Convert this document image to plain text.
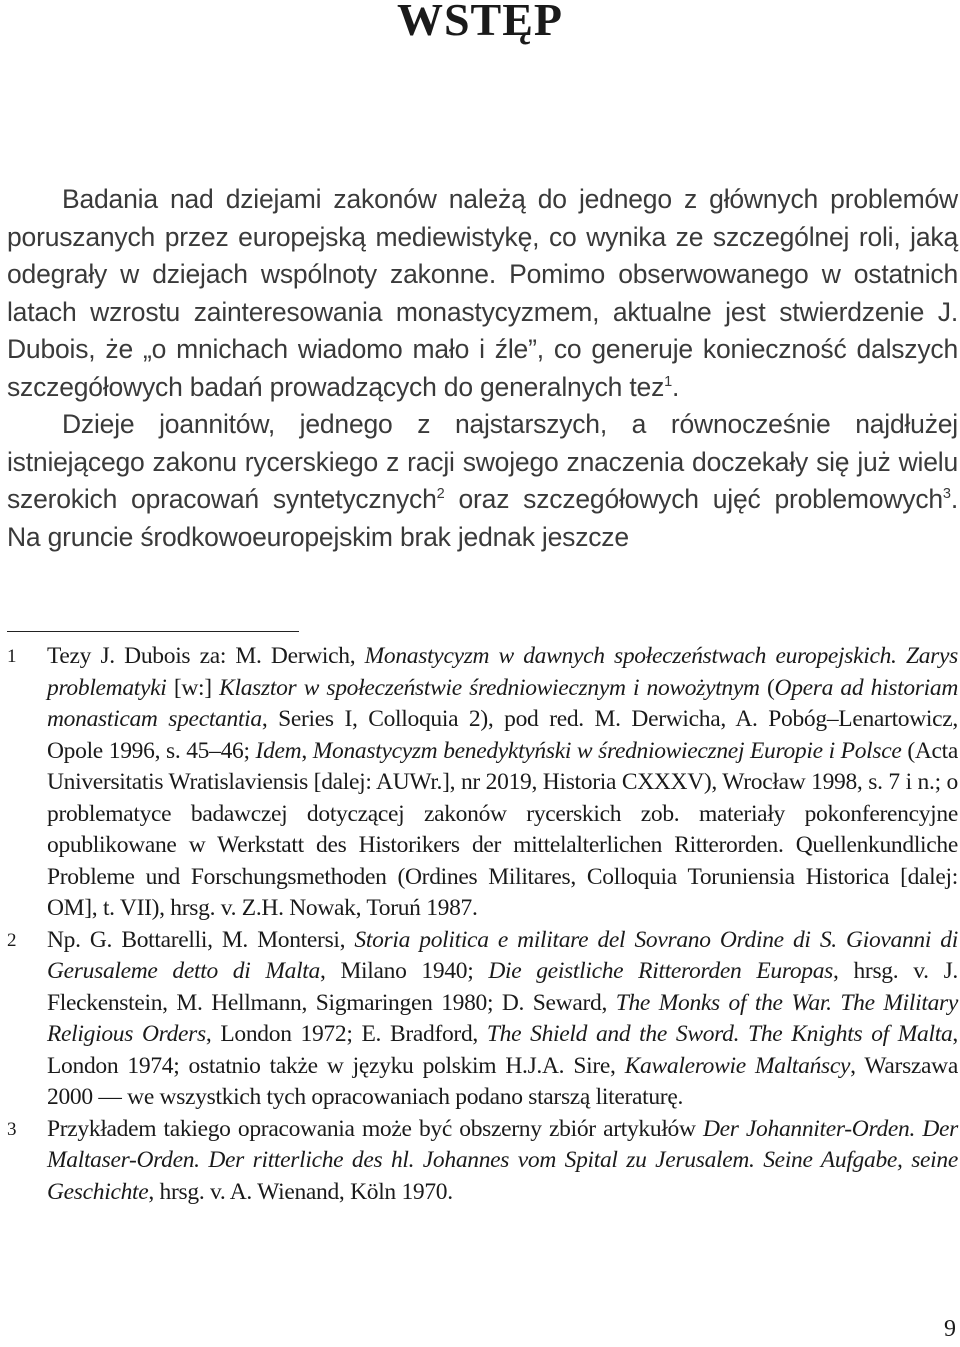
WSTĘP

Badania nad dziejami zakonów należą do jednego z głównych problemów poruszanych przez europejską mediewistykę, co wynika ze szczególnej roli, jaką odegrały w dziejach wspólnoty zakonne. Pomimo obserwowanego w ostatnich latach wzrostu zainteresowania monastycyzmem, aktualne jest stwierdzenie J. Dubois, że „o mnichach wiadomo mało i źle”, co generuje konieczność dalszych szczegółowych badań prowadzących do generalnych tez$^1$.

Dzieje joannitów, jednego z najstarszych, a równocześnie najdłużej istniejącego zakonu rycerskiego z racji swojego znaczenia doczekały się już wielu szerokich opracowań syntetycznych$^2$ oraz szczegółowych ujęć problemowych$^3$. Na gruncie środkowoeuropejskim brak jednak jeszcze

1 Tezy J. Dubois za: M. Derwich, Monastycyzm w dawnych społeczeństwach europejskich. Zarys problematyki [w:] Klasztor w społeczeństwie średniowiecznym i nowożytnym (Opera ad historiam monasticam spectantia, Series I, Colloquia 2), pod red. M. Derwicha, A. Pobóg–Lenartowicz, Opole 1996, s. 45–46; Idem, Monastycyzm benedyktyński w średniowiecznej Europie i Polsce (Acta Universitatis Wratislaviensis [dalej: AUWr.], nr 2019, Historia CXXXV), Wrocław 1998, s. 7 i n.; o problematyce badawczej dotyczącej zakonów rycerskich zob. materiały pokonferencyjne opublikowane w Werkstatt des Historikers der mittelalterlichen Ritterorden. Quellenkundliche Probleme und Forschungsmethoden (Ordines Militares, Colloquia Toruniensia Historica [dalej: OM], t. VII), hrsg. v. Z.H. Nowak, Toruń 1987.
2 Np. G. Bottarelli, M. Montersi, Storia politica e militare del Sovrano Ordine di S. Giovanni di Gerusaleme detto di Malta, Milano 1940; Die geistliche Ritterorden Europas, hrsg. v. J. Fleckenstein, M. Hellmann, Sigmaringen 1980; D. Seward, The Monks of the War. The Military Religious Orders, London 1972; E. Bradford, The Shield and the Sword. The Knights of Malta, London 1974; ostatnio także w języku polskim H.J.A. Sire, Kawalerowie Maltańscy, Warszawa 2000 — we wszystkich tych opracowaniach podano starszą literaturę.
3 Przykładem takiego opracowania może być obszerny zbiór artykułów Der Johanniter-Orden. Der Maltaser-Orden. Der ritterliche des hl. Johannes vom Spital zu Jerusalem. Seine Aufgabe, seine Geschichte, hrsg. v. A. Wienand, Köln 1970.
9
